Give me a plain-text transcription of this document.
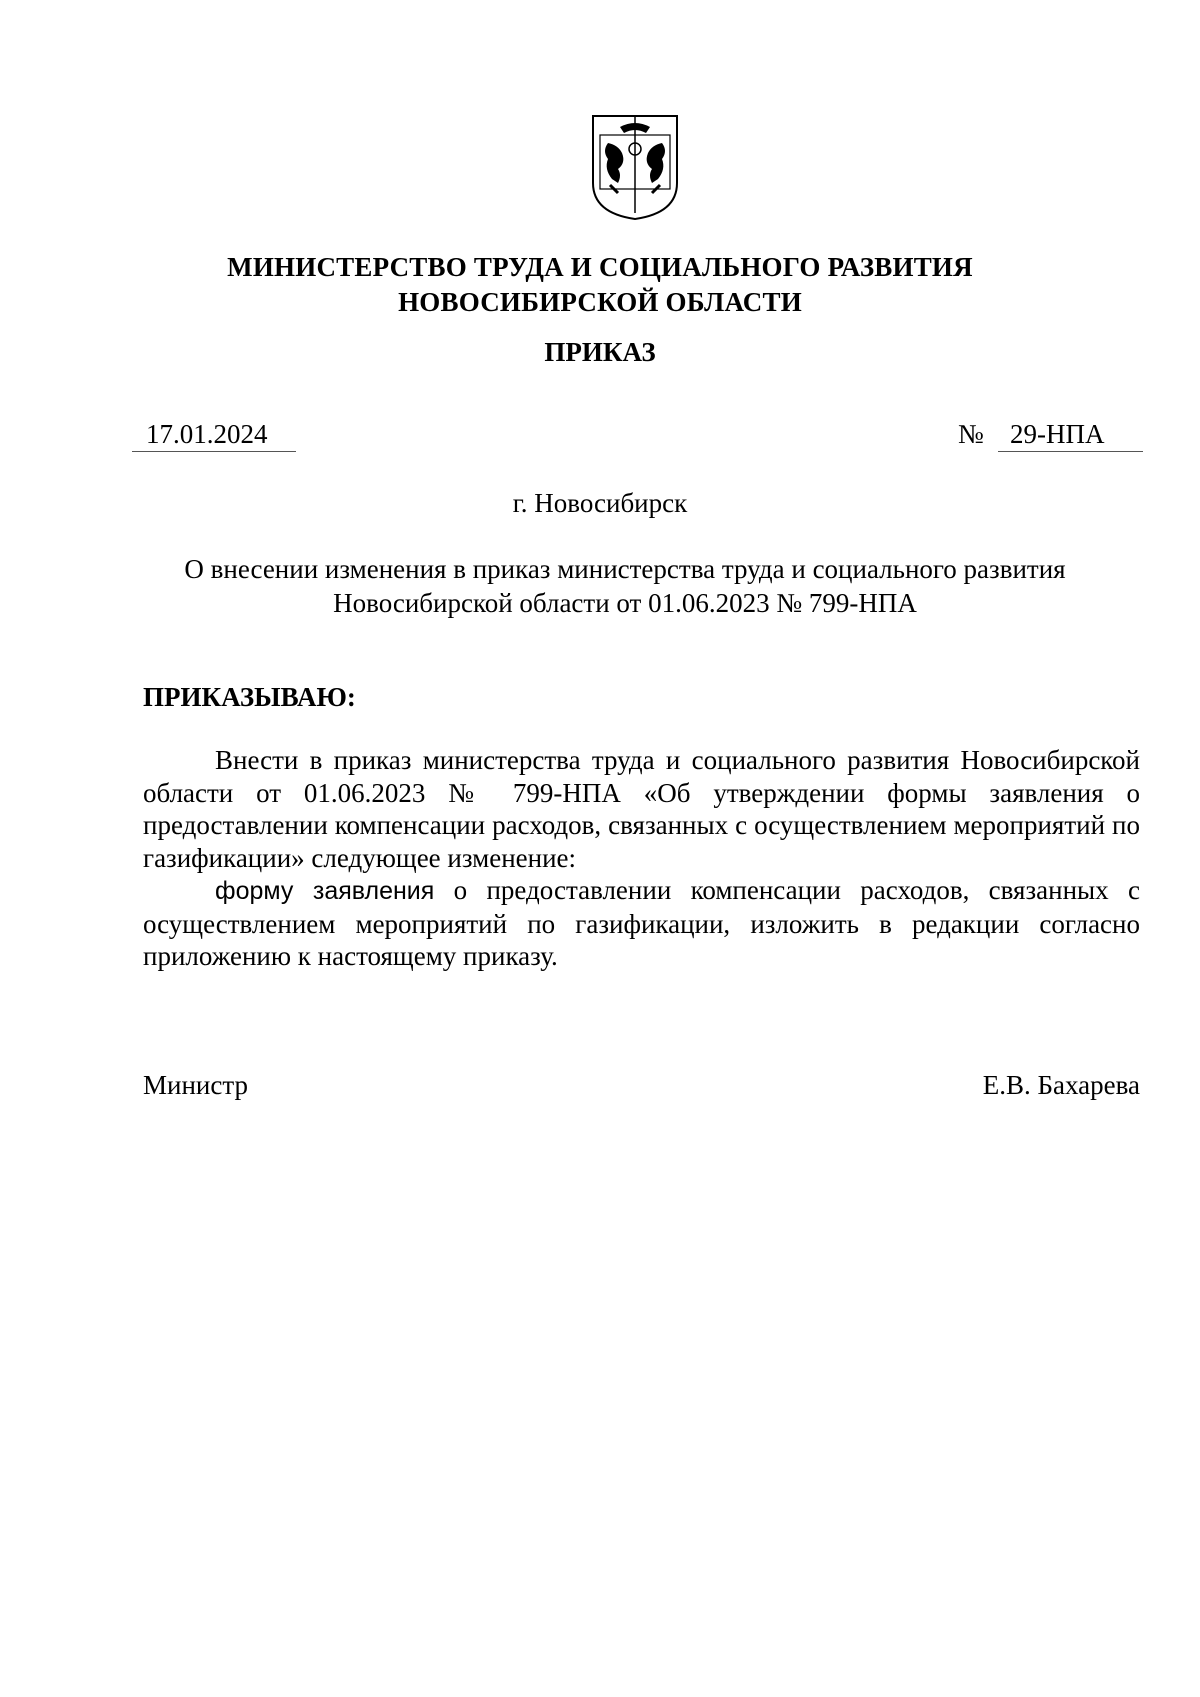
МИНИСТЕРСТВО ТРУДА И СОЦИАЛЬНОГО РАЗВИТИЯ
НОВОСИБИРСКОЙ ОБЛАСТИ
ПРИКАЗ
17.01.2024	№ 29-НПА
г. Новосибирск
О внесении изменения в приказ министерства труда и социального развития
Новосибирской области от 01.06.2023 № 799-НПА
ПРИКАЗЫВАЮ:

Внести в приказ министерства труда и социального развития Новосибирской области от 01.06.2023 № 799-НПА «Об утверждении формы заявления о предоставлении компенсации расходов, связанных с осуществлением мероприятий по газификации» следующее изменение:

форму заявления о предоставлении компенсации расходов, связанных с осуществлением мероприятий по газификации, изложить в редакции согласно приложению к настоящему приказу.

Министр	Е.В. Бахарева
